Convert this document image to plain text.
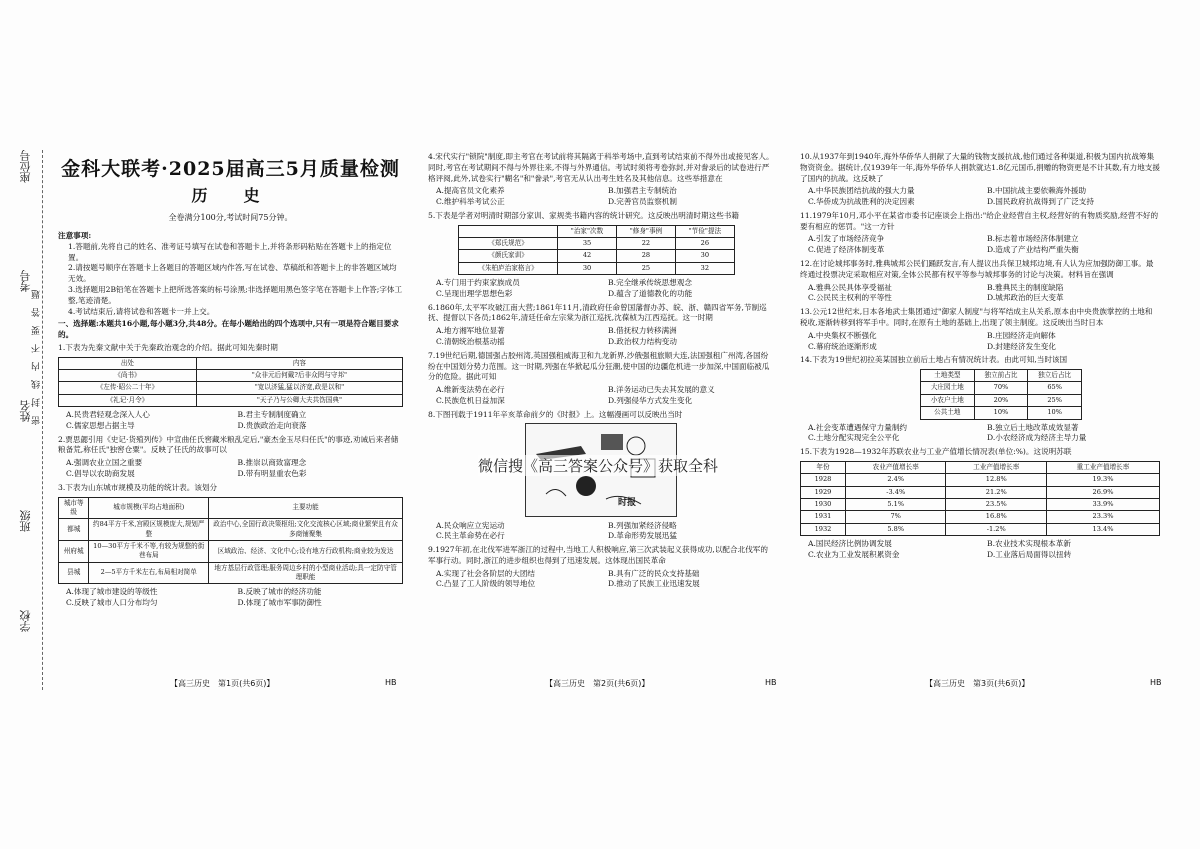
座位号
考号
姓名
班级
学校
密　封　线　内　不　要　答　题
金科大联考·2025届高三5月质量检测
历　史
全卷满分100分,考试时间75分钟。
注意事项:
1.答题前,先将自己的姓名、准考证号填写在试卷和答题卡上,并将条形码粘贴在答题卡上的指定位置。
2.请按题号顺序在答题卡上各题目的答题区域内作答,写在试卷、草稿纸和答题卡上的非答题区域均无效。
3.选择题用2B铅笔在答题卡上把所选答案的标号涂黑;非选择题用黑色签字笔在答题卡上作答;字体工整,笔迹清楚。
4.考试结束后,请将试卷和答题卡一并上交。
一、选择题:本题共16小题,每小题3分,共48分。在每小题给出的四个选项中,只有一项是符合题目要求的。
1.下表为先秦文献中关于先秦政治观念的介绍。据此可知先秦时期
出处	内容
《尚书》	"众非元后何戴?后非众罔与守邦"
《左传·昭公二十年》	"宽以济猛,猛以济宽,政是以和"
《礼记·月令》	"天子乃与公卿大夫共饬国典"
A.民贵君轻观念深入人心	B.君主专制制度确立
C.儒家思想占据主导	D.贵族政治走向衰落
2.贾思勰引用《史记·货殖列传》中宣曲任氏窖藏米粮乱定后,"豪杰金玉尽归任氏"的事迹,劝诫后来者储粮备荒,称任氏"独窖仓粟"。反映了任氏的故事可以
A.强调农业立国之重要	B.推崇以商致富理念
C.倡导以农助商发展	D.带有明显重农色彩
3.下表为山东城市规模及功能的统计表。该划分
城市等级	城市规模(平均占地面积)	主要功能
都城	约84平方千米,宫殿区规模庞大,规划严整	政治中心,全国行政决策枢纽;文化交流核心区域;商业繁荣且有众多商铺聚集
州府城	10—30平方千米不等,有较为规整的街巷布局	区域政治、经济、文化中心;设有地方行政机构;商业较为发达
县城	2—5平方千米左右,布局相对简单	地方基层行政管理;服务周边乡村的小型商业活动;具一定防守管理职能
A.体现了城市建设的等级性	B.反映了城市的经济功能
C.反映了城市人口分布均匀	D.体现了城市军事防御性
4.宋代实行"锁院"制度,即主考官在考试前将其隔离于科举考场中,直到考试结束前不得外出或接见客人。同时,考官在考试期间不得与外界往来,不得与外界通信。考试时须将考卷弥封,并对誊录后的试卷进行严格评阅,此外,试卷实行"糊名"和"誊录",考官无从认出考生姓名及其他信息。这些举措意在
A.提高官员文化素养	B.加强君主专制统治
C.维护科举考试公正	D.完善官员监察机制
5.下表是学者对明清时期部分家训、家规类书籍内容的统计研究。这反映出明清时期这些书籍
	"治家"次数	"修身"事例	"节俭"提法
《郑氏规范》	35	22	26
《颜氏家训》	42	28	30
《朱柏庐治家格言》	30	25	32
A.专门用于约束家族成员	B.完全继承传统思想观念
C.呈现出理学思想色彩	D.蕴含了道德教化的功能
6.1860年,太平军攻破江南大营;1861年11月,清政府任命曾国藩督办苏、皖、浙、赣四省军务,节制巡抚、提督以下各员;1862年,清廷任命左宗棠为浙江巡抚,沈葆桢为江西巡抚。这一时期
A.地方湘军地位显著	B.借抚权力转移满洲
C.清朝统治根基动摇	D.政治权力结构变动
7.19世纪后期,德国强占胶州湾,英国强租威海卫和九龙新界,沙俄强租旅顺大连,法国强租广州湾,各国纷纷在中国划分势力范围。这一时期,列强在华掀起瓜分狂潮,使中国的边疆危机进一步加深,中国面临被瓜分的危险。据此可知
A.维新变法势在必行	B.洋务运动已失去其发展的意义
C.民族危机日益加深	D.列强侵华方式发生变化
8.下图刊载于1911年辛亥革命前夕的《时报》上。这幅漫画可以反映出当时
时报
A.民众响应立宪运动	B.列强加紧经济侵略
C.民主革命势在必行	D.革命形势发展迅猛
9.1927年初,在北伐军进军浙江的过程中,当地工人积极响应,第三次武装起义获得成功,以配合北伐军的军事行动。同时,浙江的进步组织也得到了迅速发展。这体现出国民革命
A.实现了社会各阶层的大团结	B.具有广泛的民众支持基础
C.凸显了工人阶级的领导地位	D.推动了民族工业迅速发展
微信搜《高三答案公众号》获取全科
10.从1937年到1940年,海外华侨华人捐献了大量的钱物支援抗战,他们通过各种渠道,积极为国内抗战筹集物资资金。据统计,仅1939年一年,海外华侨华人捐款就达1.8亿元国币,捐赠的物资更是不计其数,有力地支援了国内的抗战。这反映了
A.中华民族团结抗战的强大力量	B.中国抗战主要依赖海外援助
C.华侨成为抗战胜利的决定因素	D.国民政府抗战得到了广泛支持
11.1979年10月,邓小平在某省市委书记座谈会上指出:"给企业经营自主权,经营好的有物质奖励,经营不好的要有相应的惩罚。"这一方针
A.引发了市场经济竞争	B.标志着市场经济体制建立
C.促进了经济体制变革	D.造成了产业结构严重失衡
12.在讨论城邦事务时,雅典城邦公民们踊跃发言,有人提议出兵保卫城邦边境,有人认为应加强防御工事。最终通过投票决定采取相应对策,全体公民都有权平等参与城邦事务的讨论与决策。材料旨在强调
A.雅典公民具体享受福祉	B.雅典民主的制度缺陷
C.公民民主权利的平等性	D.城邦政治的巨大变革
13.公元12世纪末,日本各地武士集团通过"御家人制度"与将军结成主从关系,原本由中央贵族掌控的土地和税收,逐渐转移到将军手中。同时,在原有土地的基础上,出现了领主制度。这反映出当时日本
A.中央集权不断强化	B.庄园经济走向解体
C.幕府统治逐渐形成	D.封建经济发生变化
14.下表为19世纪初拉美某国独立前后土地占有情况统计表。由此可知,当时该国
土地类型	独立前占比	独立后占比
大庄园土地	70%	65%
小农户土地	20%	25%
公共土地	10%	10%
A.社会变革遭遇保守力量制约	B.独立后土地改革成效显著
C.土地分配实现完全公平化	D.小农经济成为经济主导力量
15.下表为1928—1932年苏联农业与工业产值增长情况表(单位:%)。这说明苏联
年份	农业产值增长率	工业产值增长率	重工业产值增长率
1928	2.4%	12.8%	19.3%
1929	-3.4%	21.2%	26.9%
1930	5.1%	23.5%	33.9%
1931	7%	16.8%	23.3%
1932	5.8%	-1.2%	13.4%
A.国民经济比例协调发展	B.农业技术实现根本革新
C.农业为工业发展积累资金	D.工业落后局面得以扭转
【高三历史　第1页(共6页)】	HB	【高三历史　第2页(共6页)】	HB	【高三历史　第3页(共6页)】	HB
